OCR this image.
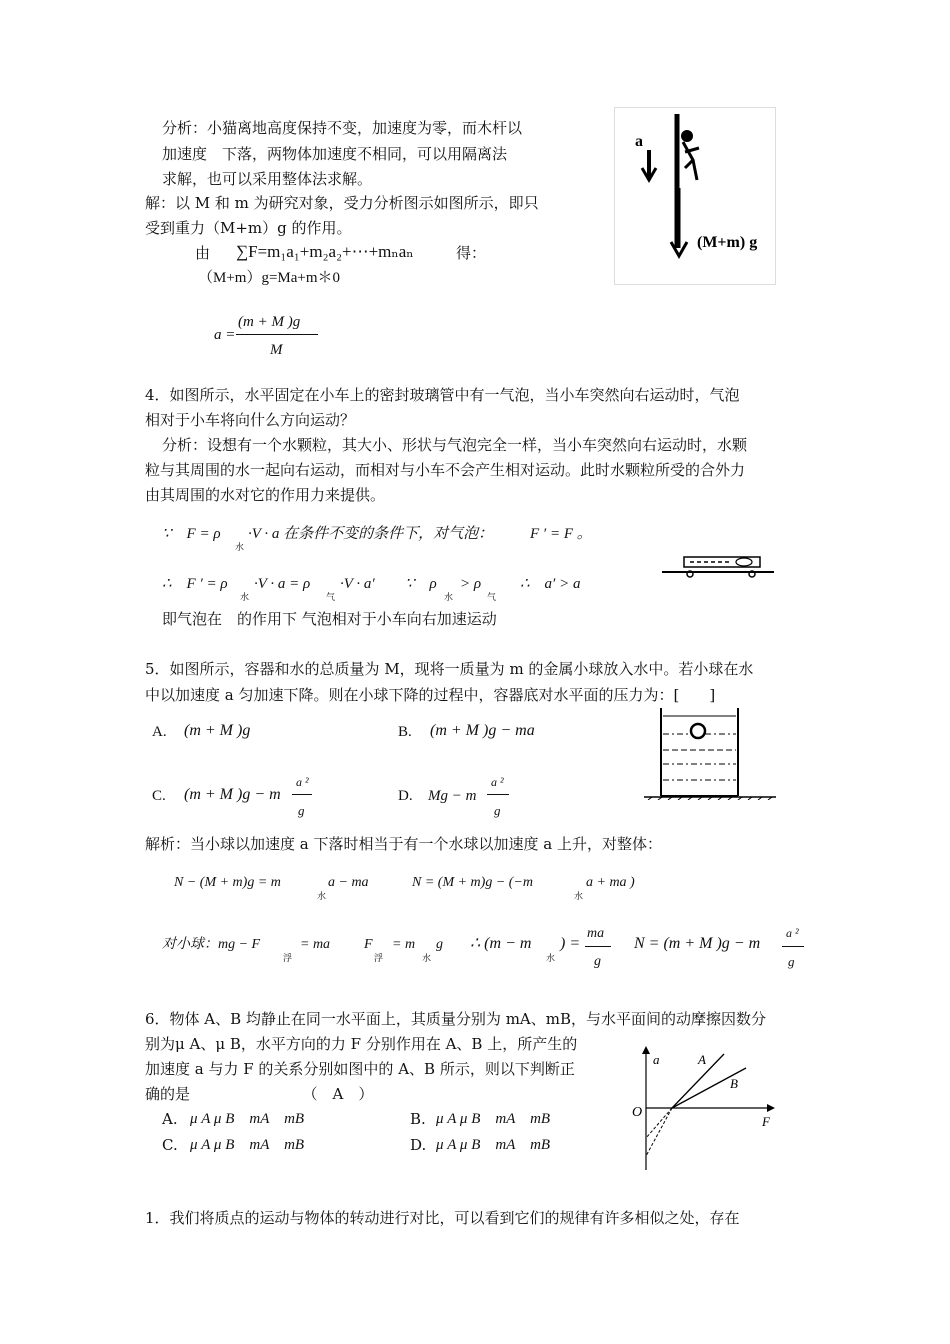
分析：小猫离地高度保持不变，加速度为零，而木杆以
加速度　下落，两物体加速度不相同，可以用隔离法
求解，也可以采用整体法求解。
解：以 M 和 m 为研究对象，受力分析图示如图所示，即只
受到重力（M+m）g 的作用。
由 ∑F=m₁a₁+m₂a₂+⋯+mₙaₙ	得：
（M+m）g=Ma+m＊0
a =
(m + M )g
M
a
(M+m) g
4．如图所示，水平固定在小车上的密封玻璃管中有一气泡，当小车突然向右运动时，气泡
相对于小车将向什么方向运动？
分析：设想有一个水颗粒，其大小、形状与气泡完全一样，当小车突然向右运动时，水颗
粒与其周围的水一起向右运动，而相对与小车不会产生相对运动。此时水颗粒所受的合外力
由其周围的水对它的作用力来提供。
∵　F = ρ
水
·V · a 在条件不变的条件下，对气泡： F ′ = F 。
∴　F ′ = ρ
水
·V · a = ρ
气
·V · a′ ∵　ρ
水
> ρ
气
∴　a′ > a
即气泡在　的作用下 气泡相对于小车向右加速运动
5．如图所示，容器和水的总质量为 M，现将一质量为 m 的金属小球放入水中。若小球在水
中以加速度 a 匀加速下降。则在小球下降的过程中，容器底对水平面的压力为：[　　]
A. (m + M )g	B. (m + M )g − ma
C. (m + M )g − m
a ²
g
D. Mg − m
a ²
g
解析：当小球以加速度 a 下落时相当于有一个水球以加速度 a 上升，对整体：
N − (M + m)g = m
水
a − ma	N = (M + m)g − (−m
水
a + ma )
对小球：mg − F
浮
= ma F
浮
= m
水
g ∴ (m − m
水
) =
ma
g
N = (m + M )g − m
a ²
g
6．物体 A、B 均静止在同一水平面上，其质量分别为 mA、mB，与水平面间的动摩擦因数分
别为μ A、μ B，水平方向的力 F 分别作用在 A、B 上，所产生的
加速度 a 与力 F 的关系分别如图中的 A、B 所示，则以下判断正
确的是　　　　　　　　（　A　）
A. μ A μ B　mA　mB	B. μ A μ B　mA　mB
C. μ A μ B　mA　mB	D. μ A μ B　mA　mB
a	A
B
O
F
1．我们将质点的运动与物体的转动进行对比，可以看到它们的规律有许多相似之处，存在
